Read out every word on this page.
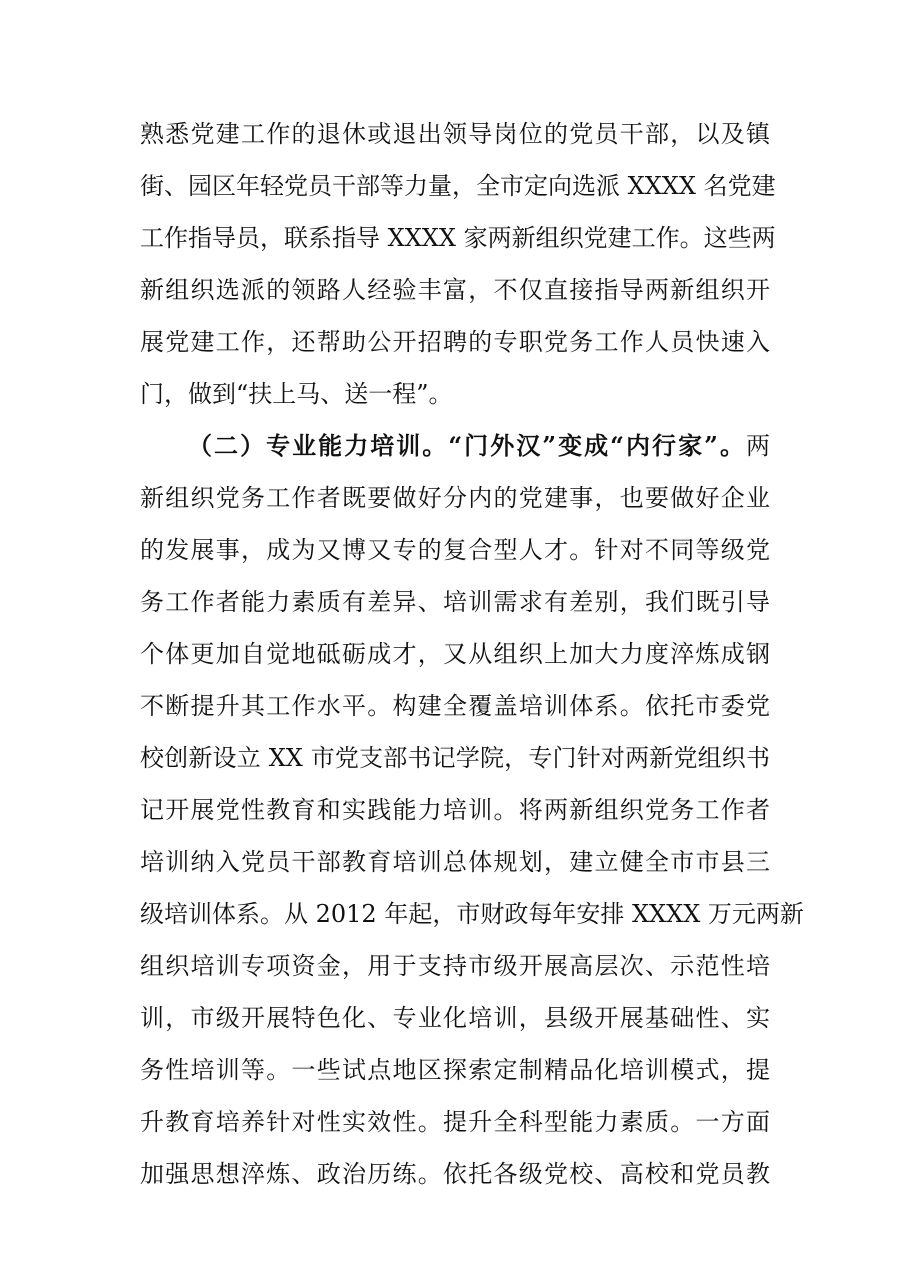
熟悉党建工作的退休或退出领导岗位的党员干部，以及镇
街、园区年轻党员干部等力量，全市定向选派 XXXX 名党建
工作指导员，联系指导 XXXX 家两新组织党建工作。这些两
新组织选派的领路人经验丰富，不仅直接指导两新组织开
展党建工作，还帮助公开招聘的专职党务工作人员快速入
门，做到“扶上马、送一程”。
（二）专业能力培训。“门外汉”变成“内行家”。两
新组织党务工作者既要做好分内的党建事，也要做好企业
的发展事，成为又博又专的复合型人才。针对不同等级党
务工作者能力素质有差异、培训需求有差别，我们既引导
个体更加自觉地砥砺成才，又从组织上加大力度淬炼成钢
不断提升其工作水平。构建全覆盖培训体系。依托市委党
校创新设立 XX 市党支部书记学院，专门针对两新党组织书
记开展党性教育和实践能力培训。将两新组织党务工作者
培训纳入党员干部教育培训总体规划，建立健全市市县三
级培训体系。从 2012 年起，市财政每年安排 XXXX 万元两新
组织培训专项资金，用于支持市级开展高层次、示范性培
训，市级开展特色化、专业化培训，县级开展基础性、实
务性培训等。一些试点地区探索定制精品化培训模式，提
升教育培养针对性实效性。提升全科型能力素质。一方面
加强思想淬炼、政治历练。依托各级党校、高校和党员教
